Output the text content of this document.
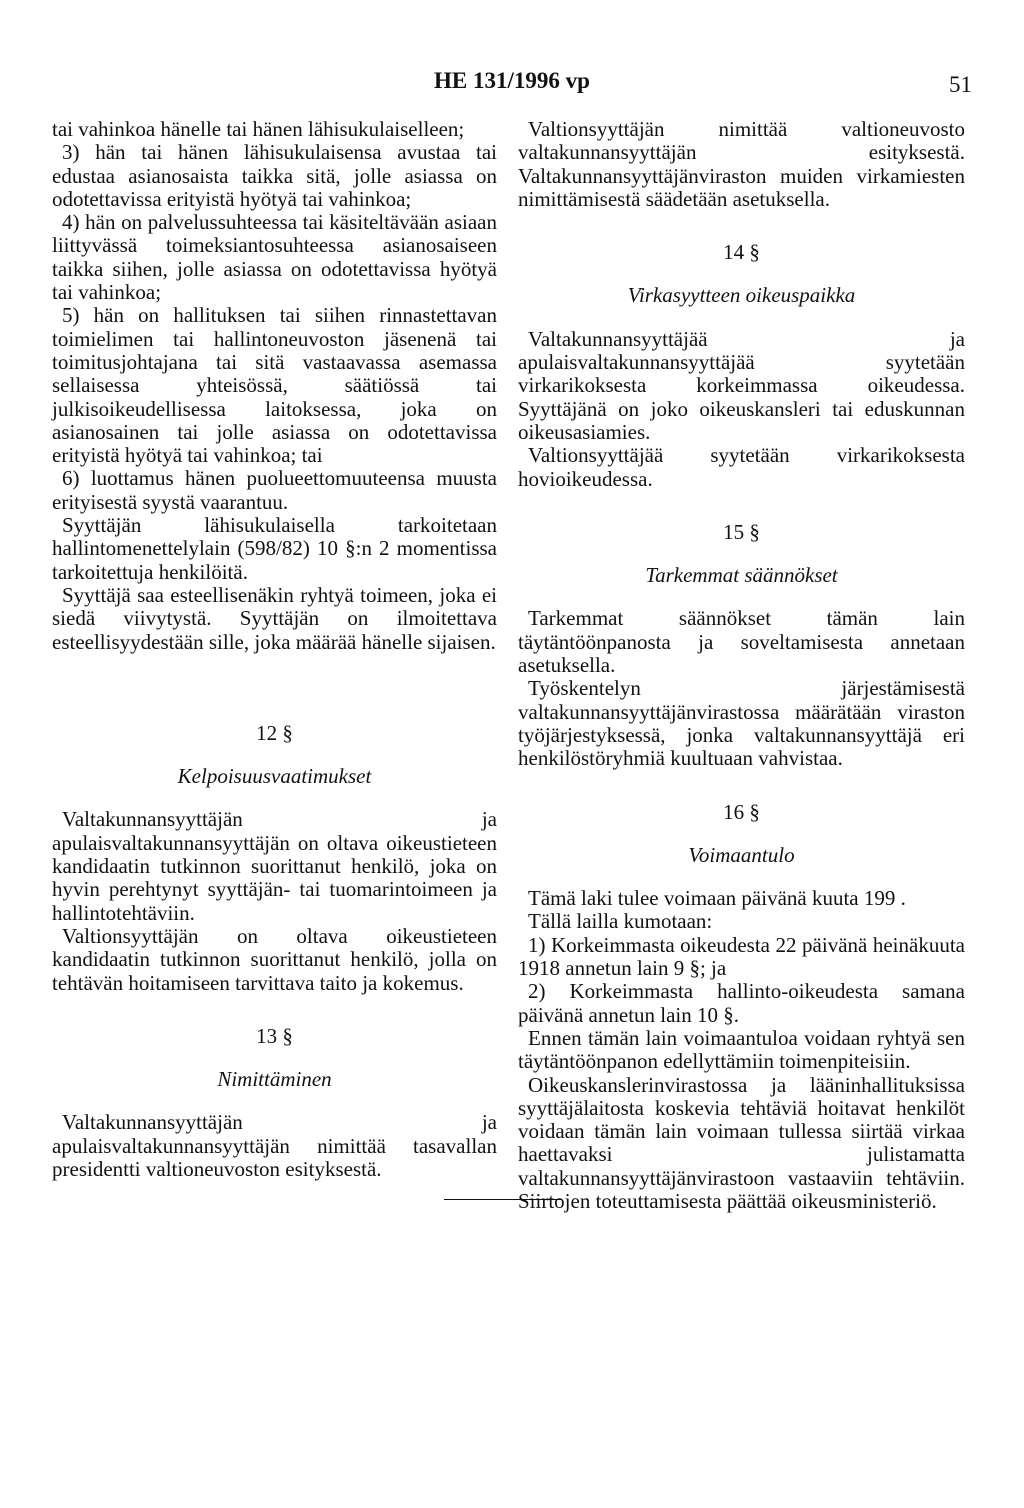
HE 131/1996 vp	51

tai vahinkoa hänelle tai hänen lähisukulaiselleen;

3) hän tai hänen lähisukulaisensa avustaa tai edustaa asianosaista taikka sitä, jolle asiassa on odotettavissa erityistä hyötyä tai vahinkoa;

4) hän on palvelussuhteessa tai käsiteltävään asiaan liittyvässä toimeksiantosuhteessa asianosaiseen taikka siihen, jolle asiassa on odotettavissa hyötyä tai vahinkoa;

5) hän on hallituksen tai siihen rinnastettavan toimielimen tai hallintoneuvoston jäsenenä tai toimitusjohtajana tai sitä vastaavassa asemassa sellaisessa yhteisössä, säätiössä tai julkisoikeudellisessa laitoksessa, joka on asianosainen tai jolle asiassa on odotettavissa erityistä hyötyä tai vahinkoa; tai

6) luottamus hänen puolueettomuuteensa muusta erityisestä syystä vaarantuu.

Syyttäjän lähisukulaisella tarkoitetaan hallintomenettelylain (598/82) 10 §:n 2 momentissa tarkoitettuja henkilöitä.

Syyttäjä saa esteellisenäkin ryhtyä toimeen, joka ei siedä viivytystä. Syyttäjän on ilmoitettava esteellisyydestään sille, joka määrää hänelle sijaisen.

12 §

Kelpoisuusvaatimukset

Valtakunnansyyttäjän ja apulaisvaltakunnansyyttäjän on oltava oikeustieteen kandidaatin tutkinnon suorittanut henkilö, joka on hyvin perehtynyt syyttäjän- tai tuomarintoimeen ja hallintotehtäviin.

Valtionsyyttäjän on oltava oikeustieteen kandidaatin tutkinnon suorittanut henkilö, jolla on tehtävän hoitamiseen tarvittava taito ja kokemus.

13 §

Nimittäminen

Valtakunnansyyttäjän ja apulaisvaltakunnansyyttäjän nimittää tasavallan presidentti valtioneuvoston esityksestä.

Valtionsyyttäjän nimittää valtioneuvosto valtakunnansyyttäjän esityksestä. Valtakunnansyyttäjänviraston muiden virkamiesten nimittämisestä säädetään asetuksella.

14 §

Virkasyytteen oikeuspaikka

Valtakunnansyyttäjää ja apulaisvaltakunnansyyttäjää syytetään virkarikoksesta korkeimmassa oikeudessa. Syyttäjänä on joko oikeuskansleri tai eduskunnan oikeusasiamies.

Valtionsyyttäjää syytetään virkarikoksesta hovioikeudessa.

15 §

Tarkemmat säännökset

Tarkemmat säännökset tämän lain täytäntöönpanosta ja soveltamisesta annetaan asetuksella.

Työskentelyn järjestämisestä valtakunnansyyttäjänvirastossa määrätään viraston työjärjestyksessä, jonka valtakunnansyyttäjä eri henkilöstöryhmiä kuultuaan vahvistaa.

16 §

Voimaantulo

Tämä laki tulee voimaan päivänä kuuta 199 .

Tällä lailla kumotaan:

1) Korkeimmasta oikeudesta 22 päivänä heinäkuuta 1918 annetun lain 9 §; ja

2) Korkeimmasta hallinto-oikeudesta samana päivänä annetun lain 10 §.

Ennen tämän lain voimaantuloa voidaan ryhtyä sen täytäntöönpanon edellyttämiin toimenpiteisiin.

Oikeuskanslerinvirastossa ja lääninhallituksissa syyttäjälaitosta koskevia tehtäviä hoitavat henkilöt voidaan tämän lain voimaan tullessa siirtää virkaa haettavaksi julistamatta valtakunnansyyttäjänvirastoon vastaaviin tehtäviin. Siirtojen toteuttamisesta päättää oikeusministeriö.
